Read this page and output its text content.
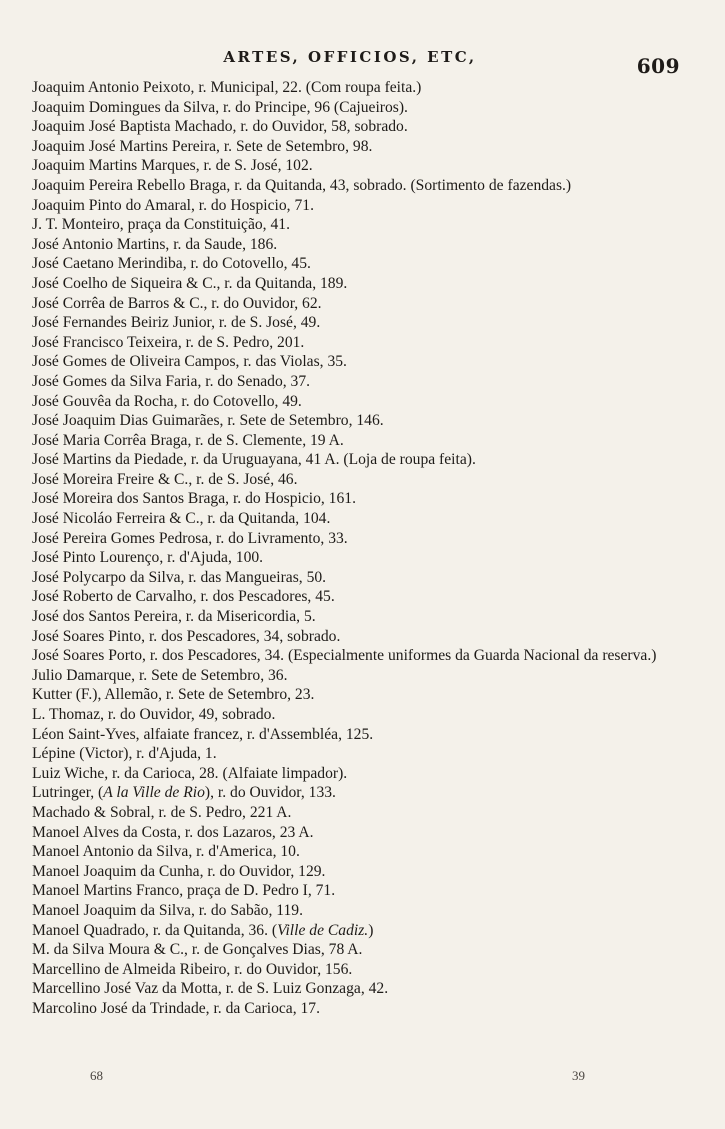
ARTES, OFFICIOS, ETC,	609
Joaquim Antonio Peixoto, r. Municipal, 22. (Com roupa feita.)
Joaquim Domingues da Silva, r. do Principe, 96 (Cajueiros).
Joaquim José Baptista Machado, r. do Ouvidor, 58, sobrado.
Joaquim José Martins Pereira, r. Sete de Setembro, 98.
Joaquim Martins Marques, r. de S. José, 102.
Joaquim Pereira Rebello Braga, r. da Quitanda, 43, sobrado. (Sortimento de fazendas.)
Joaquim Pinto do Amaral, r. do Hospicio, 71.
J. T. Monteiro, praça da Constituição, 41.
José Antonio Martins, r. da Saude, 186.
José Caetano Merindiba, r. do Cotovello, 45.
José Coelho de Siqueira & C., r. da Quitanda, 189.
José Corrêa de Barros & C., r. do Ouvidor, 62.
José Fernandes Beiriz Junior, r. de S. José, 49.
José Francisco Teixeira, r. de S. Pedro, 201.
José Gomes de Oliveira Campos, r. das Violas, 35.
José Gomes da Silva Faria, r. do Senado, 37.
José Gouvêa da Rocha, r. do Cotovello, 49.
José Joaquim Dias Guimarães, r. Sete de Setembro, 146.
José Maria Corrêa Braga, r. de S. Clemente, 19 A.
José Martins da Piedade, r. da Uruguayana, 41 A. (Loja de roupa feita).
José Moreira Freire & C., r. de S. José, 46.
José Moreira dos Santos Braga, r. do Hospicio, 161.
José Nicoláo Ferreira & C., r. da Quitanda, 104.
José Pereira Gomes Pedrosa, r. do Livramento, 33.
José Pinto Lourenço, r. d'Ajuda, 100.
José Polycarpo da Silva, r. das Mangueiras, 50.
José Roberto de Carvalho, r. dos Pescadores, 45.
José dos Santos Pereira, r. da Misericordia, 5.
José Soares Pinto, r. dos Pescadores, 34, sobrado.
José Soares Porto, r. dos Pescadores, 34. (Especialmente uniformes da Guarda Nacional da reserva.)
Julio Damarque, r. Sete de Setembro, 36.
Kutter (F.), Allemão, r. Sete de Setembro, 23.
L. Thomaz, r. do Ouvidor, 49, sobrado.
Léon Saint-Yves, alfaiate francez, r. d'Assembléa, 125.
Lépine (Victor), r. d'Ajuda, 1.
Luiz Wiche, r. da Carioca, 28. (Alfaiate limpador).
Lutringer, (A la Ville de Rio), r. do Ouvidor, 133.
Machado & Sobral, r. de S. Pedro, 221 A.
Manoel Alves da Costa, r. dos Lazaros, 23 A.
Manoel Antonio da Silva, r. d'America, 10.
Manoel Joaquim da Cunha, r. do Ouvidor, 129.
Manoel Martins Franco, praça de D. Pedro I, 71.
Manoel Joaquim da Silva, r. do Sabão, 119.
Manoel Quadrado, r. da Quitanda, 36. (Ville de Cadiz.)
M. da Silva Moura & C., r. de Gonçalves Dias, 78 A.
Marcellino de Almeida Ribeiro, r. do Ouvidor, 156.
Marcellino José Vaz da Motta, r. de S. Luiz Gonzaga, 42.
Marcolino José da Trindade, r. da Carioca, 17.
68	39
